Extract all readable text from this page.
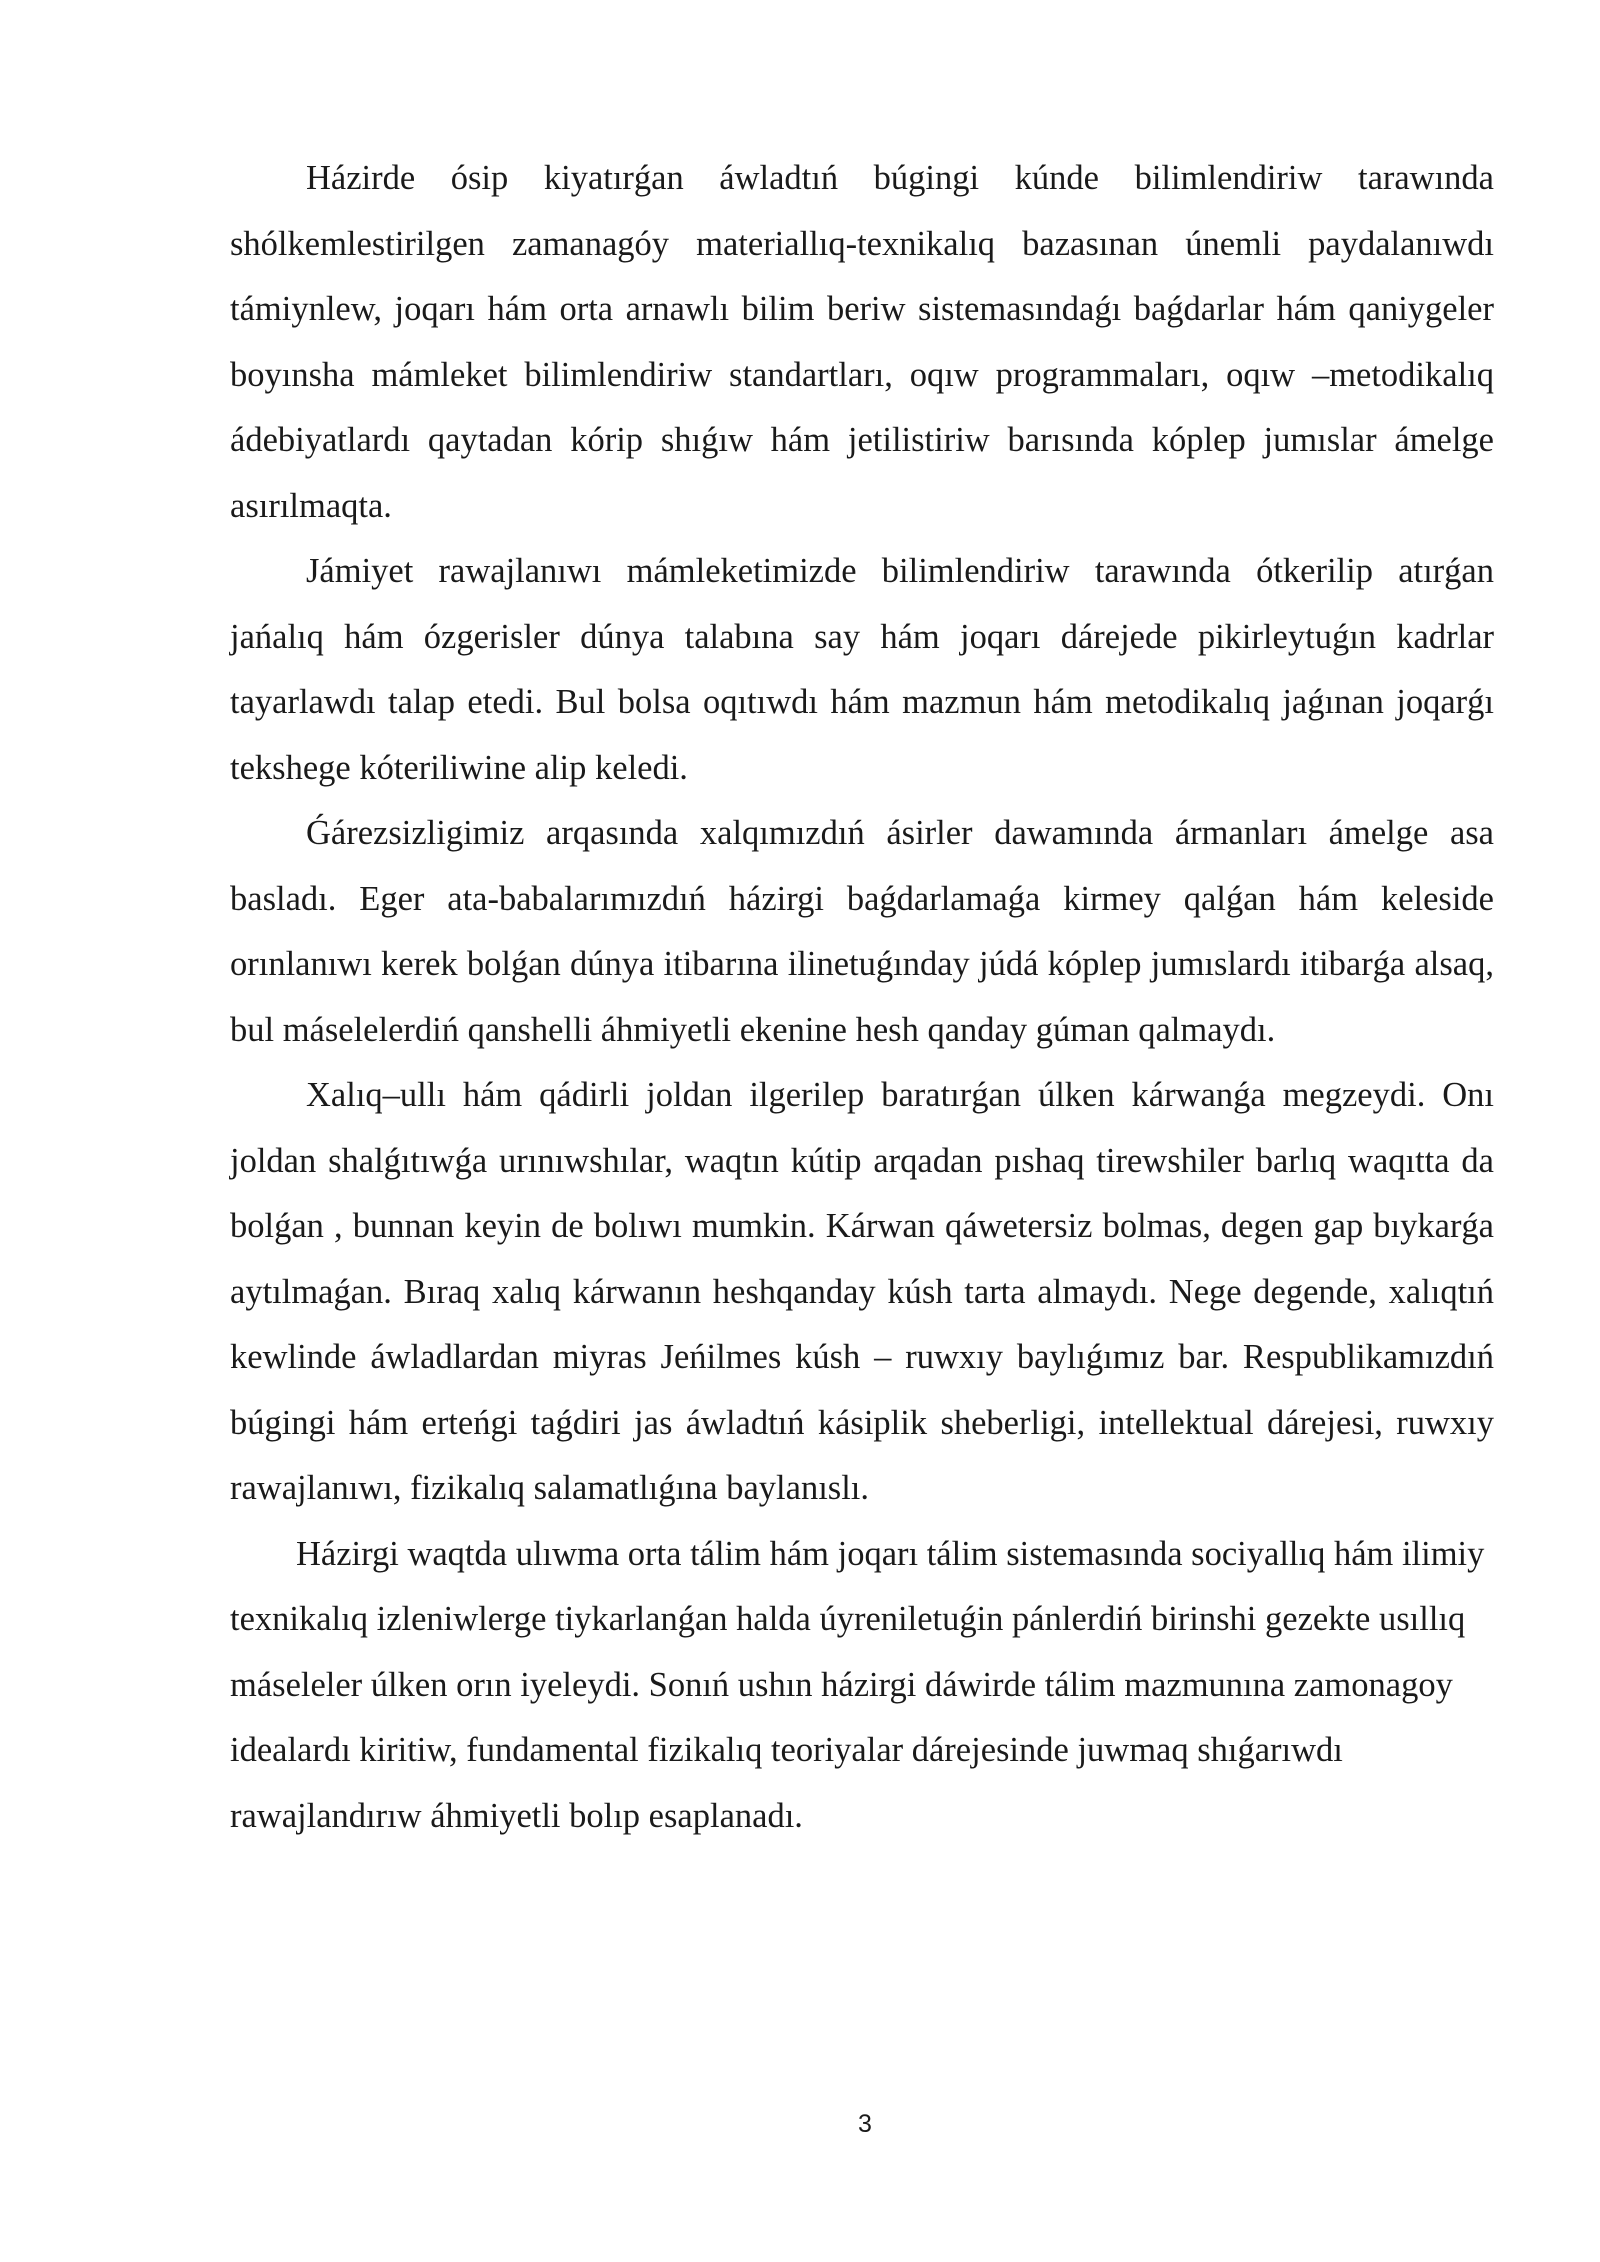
Házirde ósip kiyatırǵan áwladtıń búgingi kúnde bilimlendiriw tarawında shólkemlestirilgen zamanagóy materiallıq-texnikalıq bazasınan únemli paydalanıwdı támiynlew, joqarı hám orta arnawlı bilim beriw sistemasındaǵı baǵdarlar hám qaniygeler boyınsha mámleket bilimlendiriw standartları, oqıw programmaları, oqıw –metodikalıq ádebiyatlardı qaytadan kórip shıǵıw hám jetilistiriw barısında kóplep jumıslar ámelge asırılmaqta.

Jámiyet rawajlanıwı mámleketimizde bilimlendiriw tarawında ótkerilip atırǵan jańalıq hám ózgerisler dúnya talabına say hám joqarı dárejede pikirleytuǵın kadrlar tayarlawdı talap etedi. Bul bolsa oqıtıwdı hám mazmun hám metodikalıq jaǵınan joqarǵı tekshege kóteriliwine alip keledi.

Ǵárezsizligimiz arqasında xalqımızdıń ásirler dawamında ármanları ámelge asa basladı. Eger ata-babalarımızdıń házirgi baǵdarlamaǵa kirmey qalǵan hám keleside orınlanıwı kerek bolǵan dúnya itibarına ilinetuǵınday júdá kóplep jumıslardı itibarǵa alsaq, bul máselelerdiń qanshelli áhmiyetli ekenine hesh qanday gúman qalmaydı.

Xalıq–ullı hám qádirli joldan ilgerilep baratırǵan úlken kárwanǵa megzeydi. Onı joldan shalǵıtıwǵa urınıwshılar, waqtın kútip arqadan pıshaq tirewshiler barlıq waqıtta da bolǵan , bunnan keyin de bolıwı mumkin. Kárwan qáwetersiz bolmas, degen gap bıykarǵa aytılmaǵan. Bıraq xalıq kárwanın heshqanday kúsh tarta almaydı. Nege degende, xalıqtıń kewlinde áwladlardan miyras Jeńilmes kúsh – ruwxıy baylıǵımız bar. Respublikamızdıń búgingi hám erteńgi taǵdiri jas áwladtıń kásiplik sheberligi, intellektual dárejesi, ruwxıy rawajlanıwı, fizikalıq salamatlıǵına baylanıslı.

Házirgi waqtda ulıwma orta tálim hám joqarı tálim sistemasında sociyallıq hám ilimiy texnikalıq izleniwlerge tiykarlanǵan halda úyreniletuǵin pánlerdiń birinshi gezekte usıllıq máseleler úlken orın iyeleydi. Sonıń ushın házirgi dáwirde tálim mazmunına zamonagoy idealardı kiritiw, fundamental fizikalıq teoriyalar dárejesinde juwmaq shıǵarıwdı rawajlandırıw áhmiyetli bolıp esaplanadı.

3
